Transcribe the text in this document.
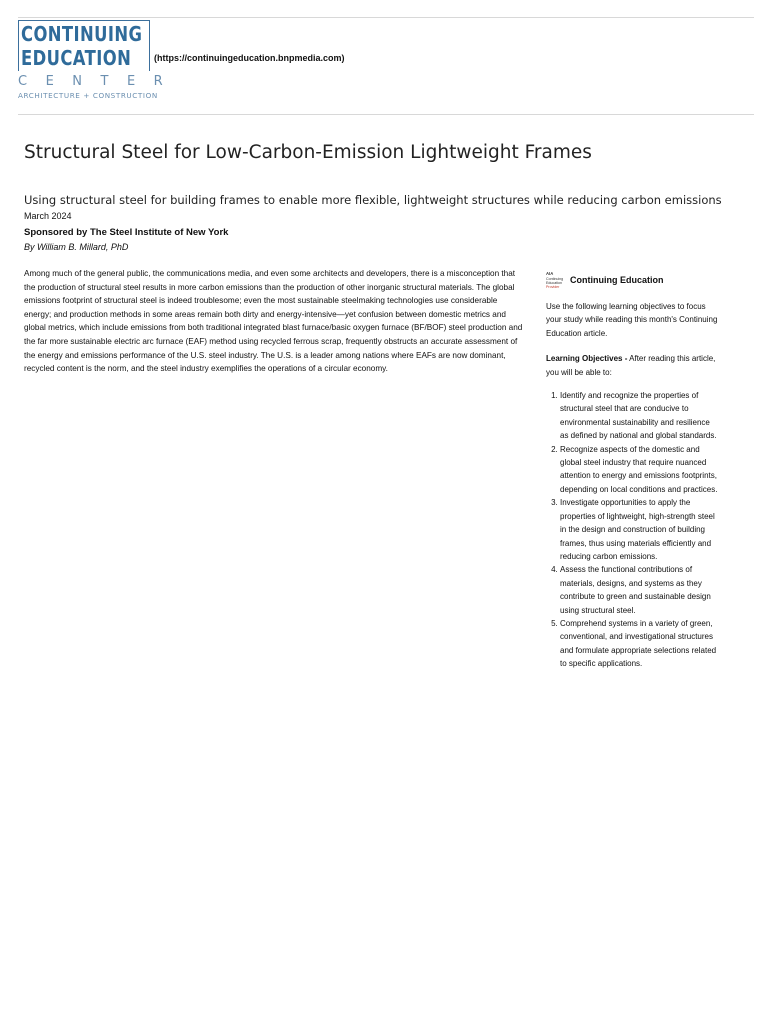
CONTINUING
EDUCATION
CENTER
ARCHITECTURE + CONSTRUCTION
(https://continuingeducation.bnpmedia.com)
Structural Steel for Low-Carbon-Emission Lightweight Frames
Using structural steel for building frames to enable more flexible, lightweight structures while reducing carbon emissions
March 2024
Sponsored by The Steel Institute of New York
By William B. Millard, PhD

Among much of the general public, the communications media, and even some architects and developers, there is a misconception that the production of structural steel results in more carbon emissions than the production of other inorganic structural materials. The global emissions footprint of structural steel is indeed troublesome; even the most sustainable steelmaking technologies use considerable energy; and production methods in some areas remain both dirty and energy-intensive—yet confusion between domestic metrics and global metrics, which include emissions from both traditional integrated blast furnace/basic oxygen furnace (BF/BOF) steel production and the far more sustainable electric arc furnace (EAF) method using recycled ferrous scrap, frequently obstructs an accurate assessment of the energy and emissions performance of the U.S. steel industry. The U.S. is a leader among nations where EAFs are now dominant, recycled content is the norm, and the steel industry exemplifies the operations of a circular economy.

AIA
Continuing
Education
Provider
Continuing Education

Use the following learning objectives to focus your study while reading this month's Continuing Education article.

Learning Objectives - After reading this article, you will be able to:

1. Identify and recognize the properties of structural steel that are conducive to environmental sustainability and resilience as defined by national and global standards.
2. Recognize aspects of the domestic and global steel industry that require nuanced attention to energy and emissions footprints, depending on local conditions and practices.
3. Investigate opportunities to apply the properties of lightweight, high-strength steel in the design and construction of building frames, thus using materials efficiently and reducing carbon emissions.
4. Assess the functional contributions of materials, designs, and systems as they contribute to green and sustainable design using structural steel.
5. Comprehend systems in a variety of green, conventional, and investigational structures and formulate appropriate selections related to specific applications.
